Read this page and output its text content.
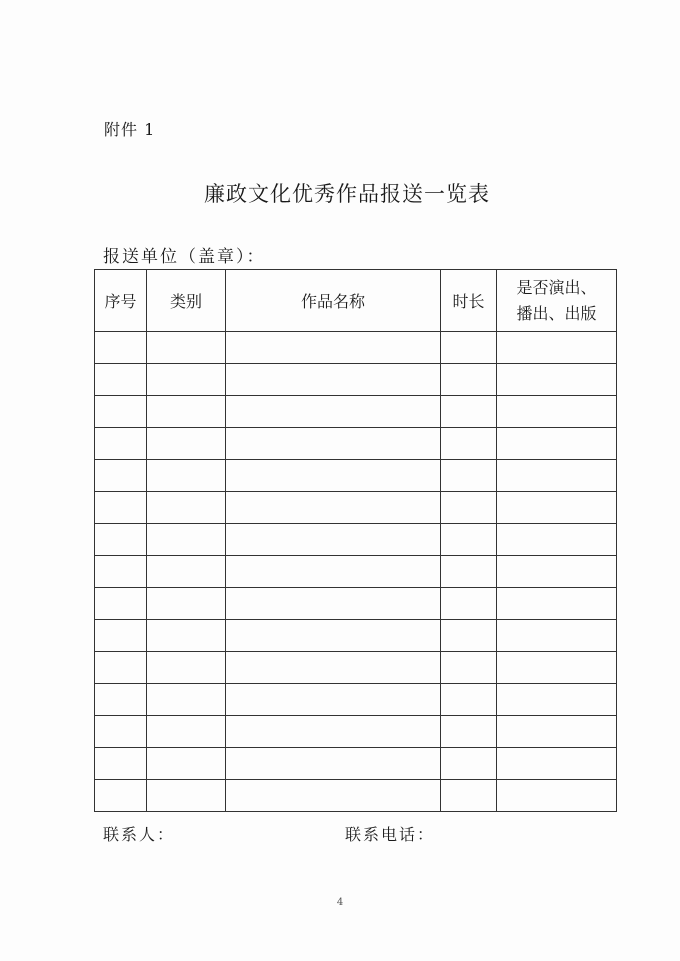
附件 1
廉政文化优秀作品报送一览表
报送单位（盖章）：
序号	类别	作品名称	时长	是否演出、
播出、出版

联系人：	联系电话：
4
